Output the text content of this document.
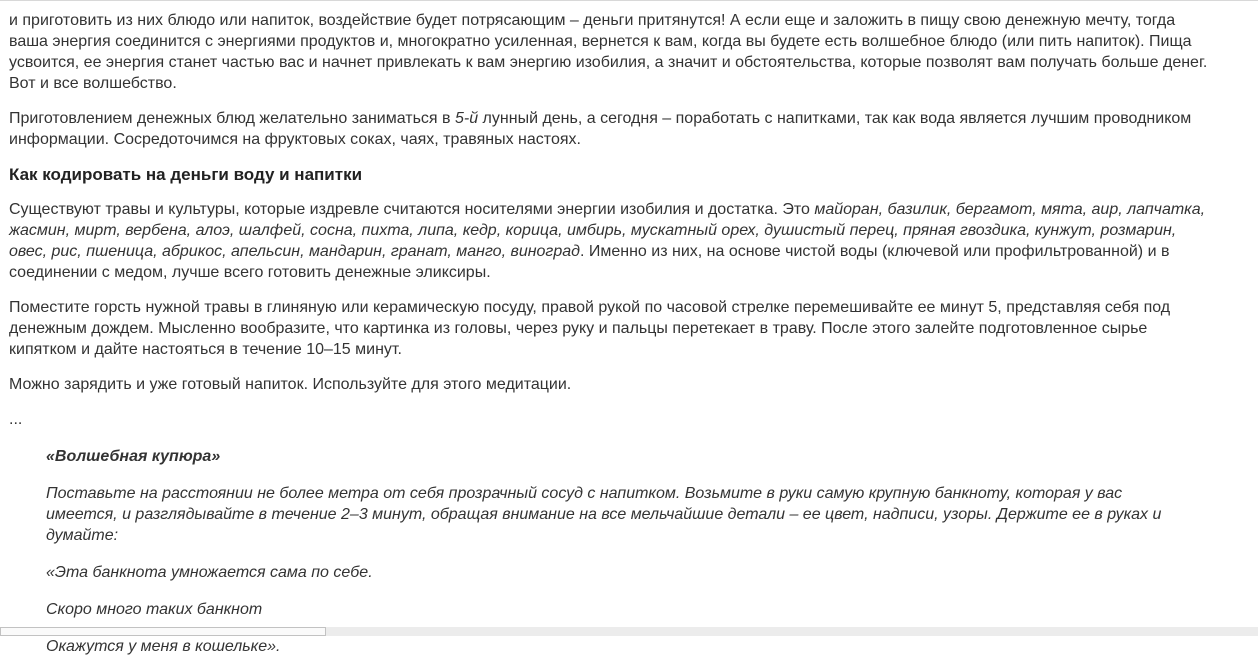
и приготовить из них блюдо или напиток, воздействие будет потрясающим – деньги притянутся! А если еще и заложить в пищу свою денежную мечту, тогда ваша энергия соединится с энергиями продуктов и, многократно усиленная, вернется к вам, когда вы будете есть волшебное блюдо (или пить напиток). Пища усвоится, ее энергия станет частью вас и начнет привлекать к вам энергию изобилия, а значит и обстоятельства, которые позволят вам получать больше денег. Вот и все волшебство.

Приготовлением денежных блюд желательно заниматься в 5-й лунный день, а сегодня – поработать с напитками, так как вода является лучшим проводником информации. Сосредоточимся на фруктовых соках, чаях, травяных настоях.

Как кодировать на деньги воду и напитки

Существуют травы и культуры, которые издревле считаются носителями энергии изобилия и достатка. Это майоран, базилик, бергамот, мята, аир, лапчатка, жасмин, мирт, вербена, алоэ, шалфей, сосна, пихта, липа, кедр, корица, имбирь, мускатный орех, душистый перец, пряная гвоздика, кунжут, розмарин, овес, рис, пшеница, абрикос, апельсин, мандарин, гранат, манго, виноград. Именно из них, на основе чистой воды (ключевой или профильтрованной) и в соединении с медом, лучше всего готовить денежные эликсиры.

Поместите горсть нужной травы в глиняную или керамическую посуду, правой рукой по часовой стрелке перемешивайте ее минут 5, представляя себя под денежным дождем. Мысленно вообразите, что картинка из головы, через руку и пальцы перетекает в траву. После этого залейте подготовленное сырье кипятком и дайте настояться в течение 10–15 минут.

Можно зарядить и уже готовый напиток. Используйте для этого медитации.

...

«Волшебная купюра»

Поставьте на расстоянии не более метра от себя прозрачный сосуд с напитком. Возьмите в руки самую крупную банкноту, которая у вас имеется, и разглядывайте в течение 2–3 минут, обращая внимание на все мельчайшие детали – ее цвет, надписи, узоры. Держите ее в руках и думайте:

«Эта банкнота умножается сама по себе.

Скоро много таких банкнот

Окажутся у меня в кошельке».
